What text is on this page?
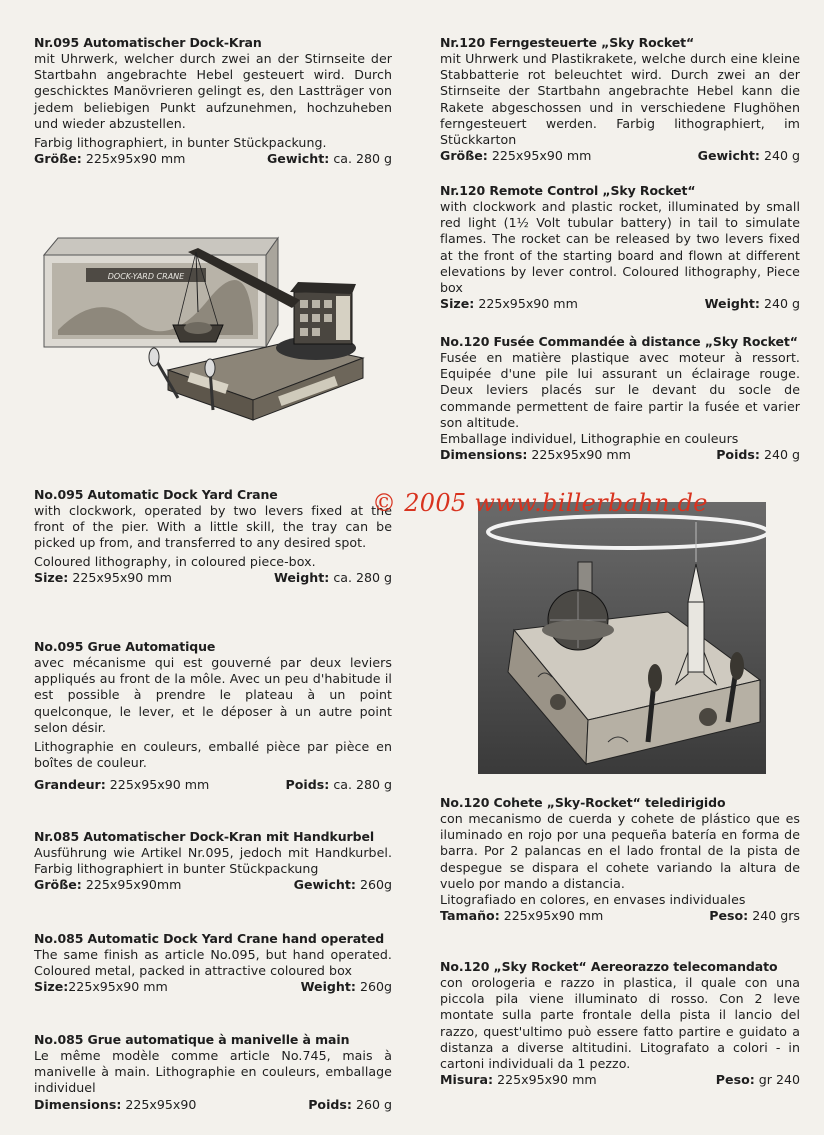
Nr.095 Automatischer Dock-Kran

mit Uhrwerk, welcher durch zwei an der Stirnseite der Startbahn angebrachte Hebel gesteuert wird. Durch geschicktes Manövrieren gelingt es, den Lastträger von jedem beliebigen Punkt aufzunehmen, hochzuheben und wieder abzustellen.

Farbig lithographiert, in bunter Stückpackung.

Größe: 225x95x90 mm	Gewicht: ca. 280 g
DOCK-YARD CRANE
No.095 Automatic Dock Yard Crane

with clockwork, operated by two levers fixed at the front of the pier. With a little skill, the tray can be picked up from, and transferred to any desired spot.

Coloured lithography, in coloured piece-box.

Size: 225x95x90 mm	Weight: ca. 280 g
No.095 Grue Automatique

avec mécanisme qui est gouverné par deux leviers appliqués au front de la môle. Avec un peu d'habitude il est possible à prendre le plateau à un point quelconque, le lever, et le déposer à un autre point selon désir.

Lithographie en couleurs, emballé pièce par pièce en boîtes de couleur.

Grandeur: 225x95x90 mm	Poids: ca. 280 g
Nr.085 Automatischer Dock-Kran mit Handkurbel

Ausführung wie Artikel Nr.095, jedoch mit Handkurbel. Farbig lithographiert in bunter Stückpackung

Größe: 225x95x90mm	Gewicht: 260g
No.085 Automatic Dock Yard Crane hand operated

The same finish as article No.095, but hand operated. Coloured metal, packed in attractive coloured box

Size:225x95x90 mm	Weight: 260g
No.085 Grue automatique à manivelle à main

Le même modèle comme article No.745, mais à manivelle à main. Lithographie en couleurs, emballage individuel

Dimensions: 225x95x90	Poids: 260 g
Nr.120 Ferngesteuerte „Sky Rocket“

mit Uhrwerk und Plastikrakete, welche durch eine kleine Stabbatterie rot beleuchtet wird. Durch zwei an der Stirnseite der Startbahn angebrachte Hebel kann die Rakete abgeschossen und in verschiedene Flughöhen ferngesteuert werden. Farbig lithographiert, im Stückkarton

Größe: 225x95x90 mm	Gewicht: 240 g
Nr.120 Remote Control „Sky Rocket“

with clockwork and plastic rocket, illuminated by small red light (1½ Volt tubular battery) in tail to simulate flames. The rocket can be released by two levers fixed at the front of the starting board and flown at different elevations by lever control. Coloured lithography, Piece box

Size: 225x95x90 mm	Weight: 240 g
No.120 Fusée Commandée à distance „Sky Rocket“

Fusée en matière plastique avec moteur à ressort. Equipée d'une pile lui assurant un éclairage rouge. Deux leviers placés sur le devant du socle de commande permettent de faire partir la fusée et varier son altitude.

Emballage individuel, Lithographie en couleurs

Dimensions: 225x95x90 mm	Poids: 240 g
No.120 Cohete „Sky-Rocket“ teledirigido

con mecanismo de cuerda y cohete de plástico que es iluminado en rojo por una pequeña batería en forma de barra. Por 2 palancas en el lado frontal de la pista de despegue se dispara el cohete variando la altura de vuelo por mando a distancia.

Litografiado en colores, en envases individuales

Tamaño: 225x95x90 mm	Peso: 240 grs
No.120 „Sky Rocket“ Aereorazzo telecomandato

con orologeria e razzo in plastica, il quale con una piccola pila viene illuminato di rosso. Con 2 leve montate sulla parte frontale della pista il lancio del razzo, quest'ultimo può essere fatto partire e guidato a distanza a diverse altitudini. Litografato a colori - in cartoni individuali da 1 pezzo.

Misura: 225x95x90 mm	Peso: gr 240
© 2005 www.billerbahn.de
